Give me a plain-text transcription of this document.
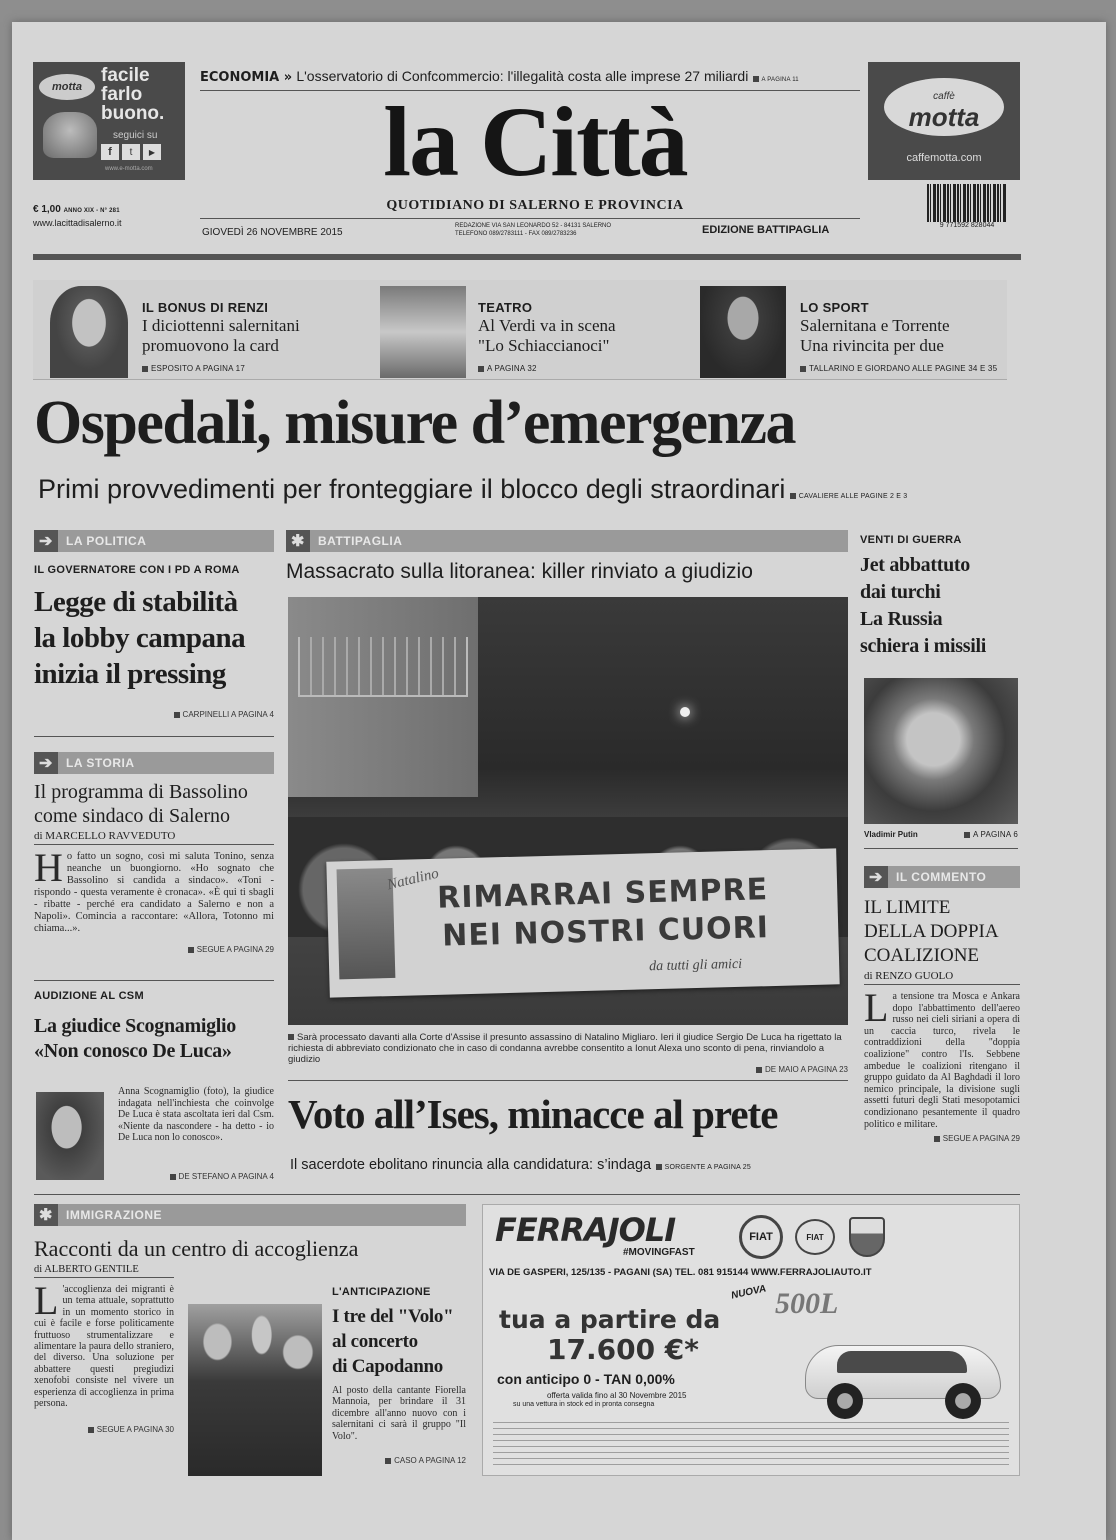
motta
facile
farlo
buono.
seguici su
f	t	▶
www.e-motta.com
€ 1,00 ANNO XIX - N° 281
www.lacittadisalerno.it
ECONOMIA » L'osservatorio di Confcommercio: l'illegalità costa alle imprese 27 miliardi A PAGINA 11
la Città
QUOTIDIANO DI SALERNO E PROVINCIA
caffè
motta
caffemotta.com
9 771592 828044
GIOVEDÌ 26 NOVEMBRE 2015
REDAZIONE VIA SAN LEONARDO 52 - 84131 SALERNO
TELEFONO 089/2783111 - FAX 089/2783236	EDIZIONE BATTIPAGLIA
IL BONUS DI RENZI
I diciottenni salernitani
promuovono la card
ESPOSITO A PAGINA 17
TEATRO
Al Verdi va in scena
"Lo Schiaccianoci"
A PAGINA 32
LO SPORT
Salernitana e Torrente
Una rivincita per due
TALLARINO E GIORDANO ALLE PAGINE 34 E 35
Ospedali, misure d’emergenza
Primi provvedimenti per fronteggiare il blocco degli straordinari CAVALIERE ALLE PAGINE 2 E 3
➔	LA POLITICA
IL GOVERNATORE CON I PD A ROMA
Legge di stabilità
la lobby campana
inizia il pressing
CARPINELLI A PAGINA 4
➔	LA STORIA
Il programma di Bassolino
come sindaco di Salerno
di MARCELLO RAVVEDUTO
Ho fatto un sogno, così mi saluta Tonino, senza neanche un buongiorno. «Ho sognato che Bassolino si candida a sindaco». «Toni - rispondo - questa veramente è cronaca». «È qui ti sbagli - ribatte - perché era candidato a Salerno e non a Napoli». Comincia a raccontare: «Allora, Totonno mi chiama...».
SEGUE A PAGINA 29
AUDIZIONE AL CSM
La giudice Scognamiglio
«Non conosco De Luca»
Anna Scognamiglio (foto), la giudice indagata nell'inchiesta che coinvolge De Luca è stata ascoltata ieri dal Csm. «Niente da nascondere - ha detto - io De Luca non lo conosco».
DE STEFANO A PAGINA 4
✱	BATTIPAGLIA
Massacrato sulla litoranea: killer rinviato a giudizio
Natalino
RIMARRAI SEMPRE
NEI NOSTRI CUORI
da tutti gli amici
Sarà processato davanti alla Corte d'Assise il presunto assassino di Natalino Migliaro. Ieri il giudice Sergio De Luca ha rigettato la richiesta di abbreviato condizionato che in caso di condanna avrebbe consentito a Ionut Alexa uno sconto di pena, rinviandolo a giudizio
DE MAIO A PAGINA 23
Voto all’Ises, minacce al prete
Il sacerdote ebolitano rinuncia alla candidatura: s’indaga SORGENTE A PAGINA 25
VENTI DI GUERRA
Jet abbattuto
dai turchi
La Russia
schiera i missili
Vladimir Putin	A PAGINA 6
➔	IL COMMENTO
IL LIMITE
DELLA DOPPIA
COALIZIONE
di RENZO GUOLO
La tensione tra Mosca e Ankara dopo l'abbattimento dell'aereo russo nei cieli siriani a opera di un caccia turco, rivela le contraddizioni della "doppia coalizione" contro l'Is. Sebbene ambedue le coalizioni ritengano il gruppo guidato da Al Baghdadi il loro nemico principale, la divisione sugli assetti futuri degli Stati mesopotamici condizionano pesantemente il quadro politico e militare.
SEGUE A PAGINA 29
✱	IMMIGRAZIONE
Racconti da un centro di accoglienza
di ALBERTO GENTILE
L 'accoglienza dei migranti è un tema attuale, soprattutto in un momento storico in cui è facile e forse politicamente fruttuoso strumentalizzare e alimentare la paura dello straniero, del diverso. Una soluzione per abbattere questi pregiudizi xenofobi consiste nel vivere un esperienza di accoglienza in prima persona.
SEGUE A PAGINA 30
L'ANTICIPAZIONE
I tre del "Volo"
al concerto
di Capodanno
Al posto della cantante Fiorella Mannoia, per brindare il 31 dicembre all'anno nuovo con i salernitani ci sarà il gruppo "Il Volo".
CASO A PAGINA 12
FERRAJOLI
#MOVINGFAST
FIAT	FIAT
VIA DE GASPERI, 125/135 - PAGANI (SA) TEL. 081 915144 WWW.FERRAJOLIAUTO.IT
NUOVA 500L
tua a partire da
17.600 €*
con anticipo 0 - TAN 0,00%
offerta valida fino al 30 Novembre 2015
su una vettura in stock ed in pronta consegna
